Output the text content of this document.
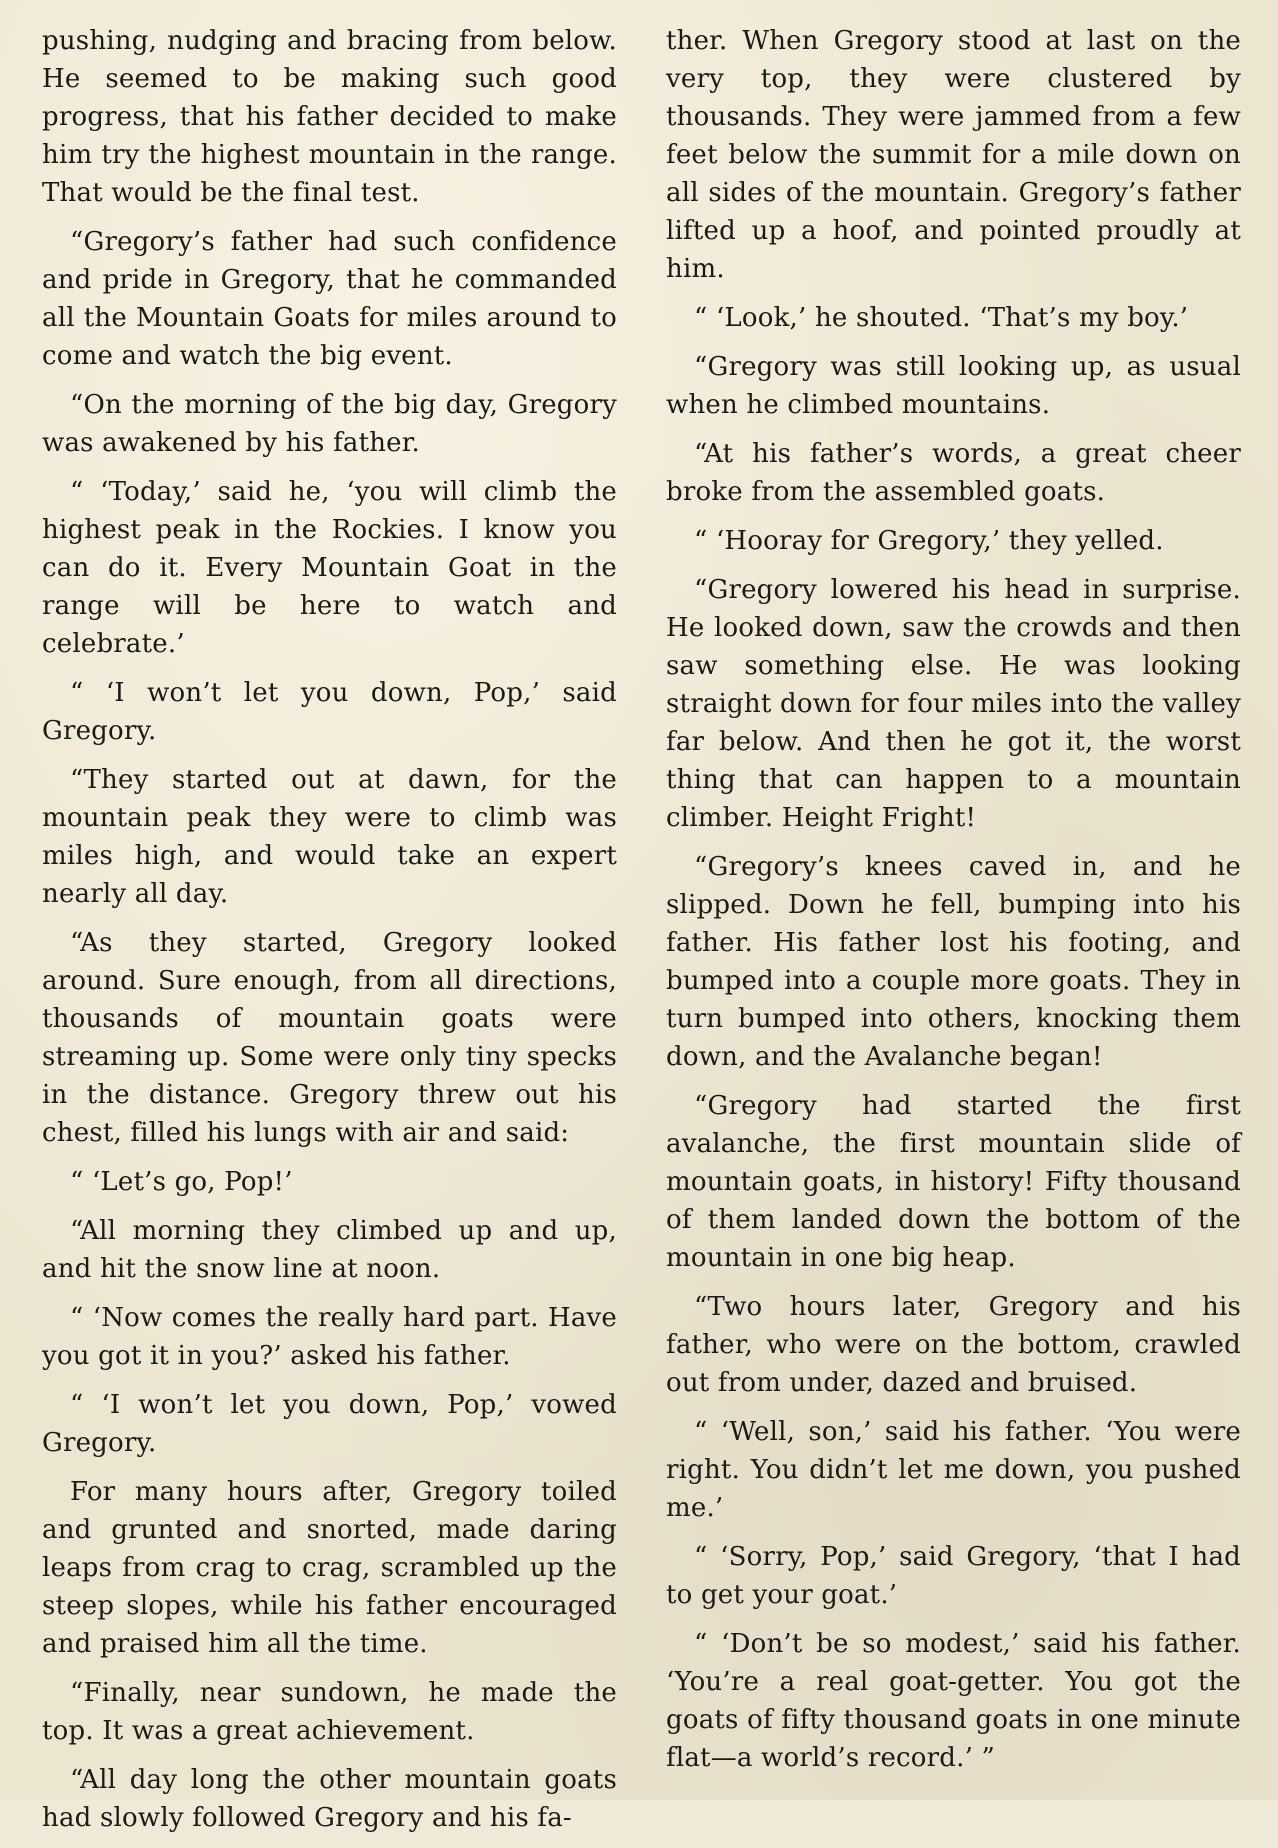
pushing, nudging and bracing from below. He seemed to be making such good progress, that his father decided to make him try the highest mountain in the range. That would be the final test.

“Gregory’s father had such confidence and pride in Gregory, that he commanded all the Mountain Goats for miles around to come and watch the big event.

“On the morning of the big day, Gregory was awakened by his father.

“ ‘Today,’ said he, ‘you will climb the highest peak in the Rockies. I know you can do it. Every Mountain Goat in the range will be here to watch and celebrate.’

“ ‘I won’t let you down, Pop,’ said Gregory.

“They started out at dawn, for the mountain peak they were to climb was miles high, and would take an expert nearly all day.

“As they started, Gregory looked around. Sure enough, from all directions, thousands of mountain goats were streaming up. Some were only tiny specks in the distance. Gregory threw out his chest, filled his lungs with air and said:

“ ‘Let’s go, Pop!’

“All morning they climbed up and up, and hit the snow line at noon.

“ ‘Now comes the really hard part. Have you got it in you?’ asked his father.

“ ‘I won’t let you down, Pop,’ vowed Gregory.

For many hours after, Gregory toiled and grunted and snorted, made daring leaps from crag to crag, scrambled up the steep slopes, while his father encouraged and praised him all the time.

“Finally, near sundown, he made the top. It was a great achievement.

“All day long the other mountain goats had slowly followed Gregory and his fa-

ther. When Gregory stood at last on the very top, they were clustered by thousands. They were jammed from a few feet below the summit for a mile down on all sides of the mountain. Gregory’s father lifted up a hoof, and pointed proudly at him.

“ ‘Look,’ he shouted. ‘That’s my boy.’

“Gregory was still looking up, as usual when he climbed mountains.

“At his father’s words, a great cheer broke from the assembled goats.

“ ‘Hooray for Gregory,’ they yelled.

“Gregory lowered his head in surprise. He looked down, saw the crowds and then saw something else. He was looking straight down for four miles into the valley far below. And then he got it, the worst thing that can happen to a mountain climber. Height Fright!

“Gregory’s knees caved in, and he slipped. Down he fell, bumping into his father. His father lost his footing, and bumped into a couple more goats. They in turn bumped into others, knocking them down, and the Avalanche began!

“Gregory had started the first avalanche, the first mountain slide of mountain goats, in history! Fifty thousand of them landed down the bottom of the mountain in one big heap.

“Two hours later, Gregory and his father, who were on the bottom, crawled out from under, dazed and bruised.

“ ‘Well, son,’ said his father. ‘You were right. You didn’t let me down, you pushed me.’

“ ‘Sorry, Pop,’ said Gregory, ‘that I had to get your goat.’

“ ‘Don’t be so modest,’ said his father. ‘You’re a real goat-getter. You got the goats of fifty thousand goats in one minute flat—a world’s record.’ ”
